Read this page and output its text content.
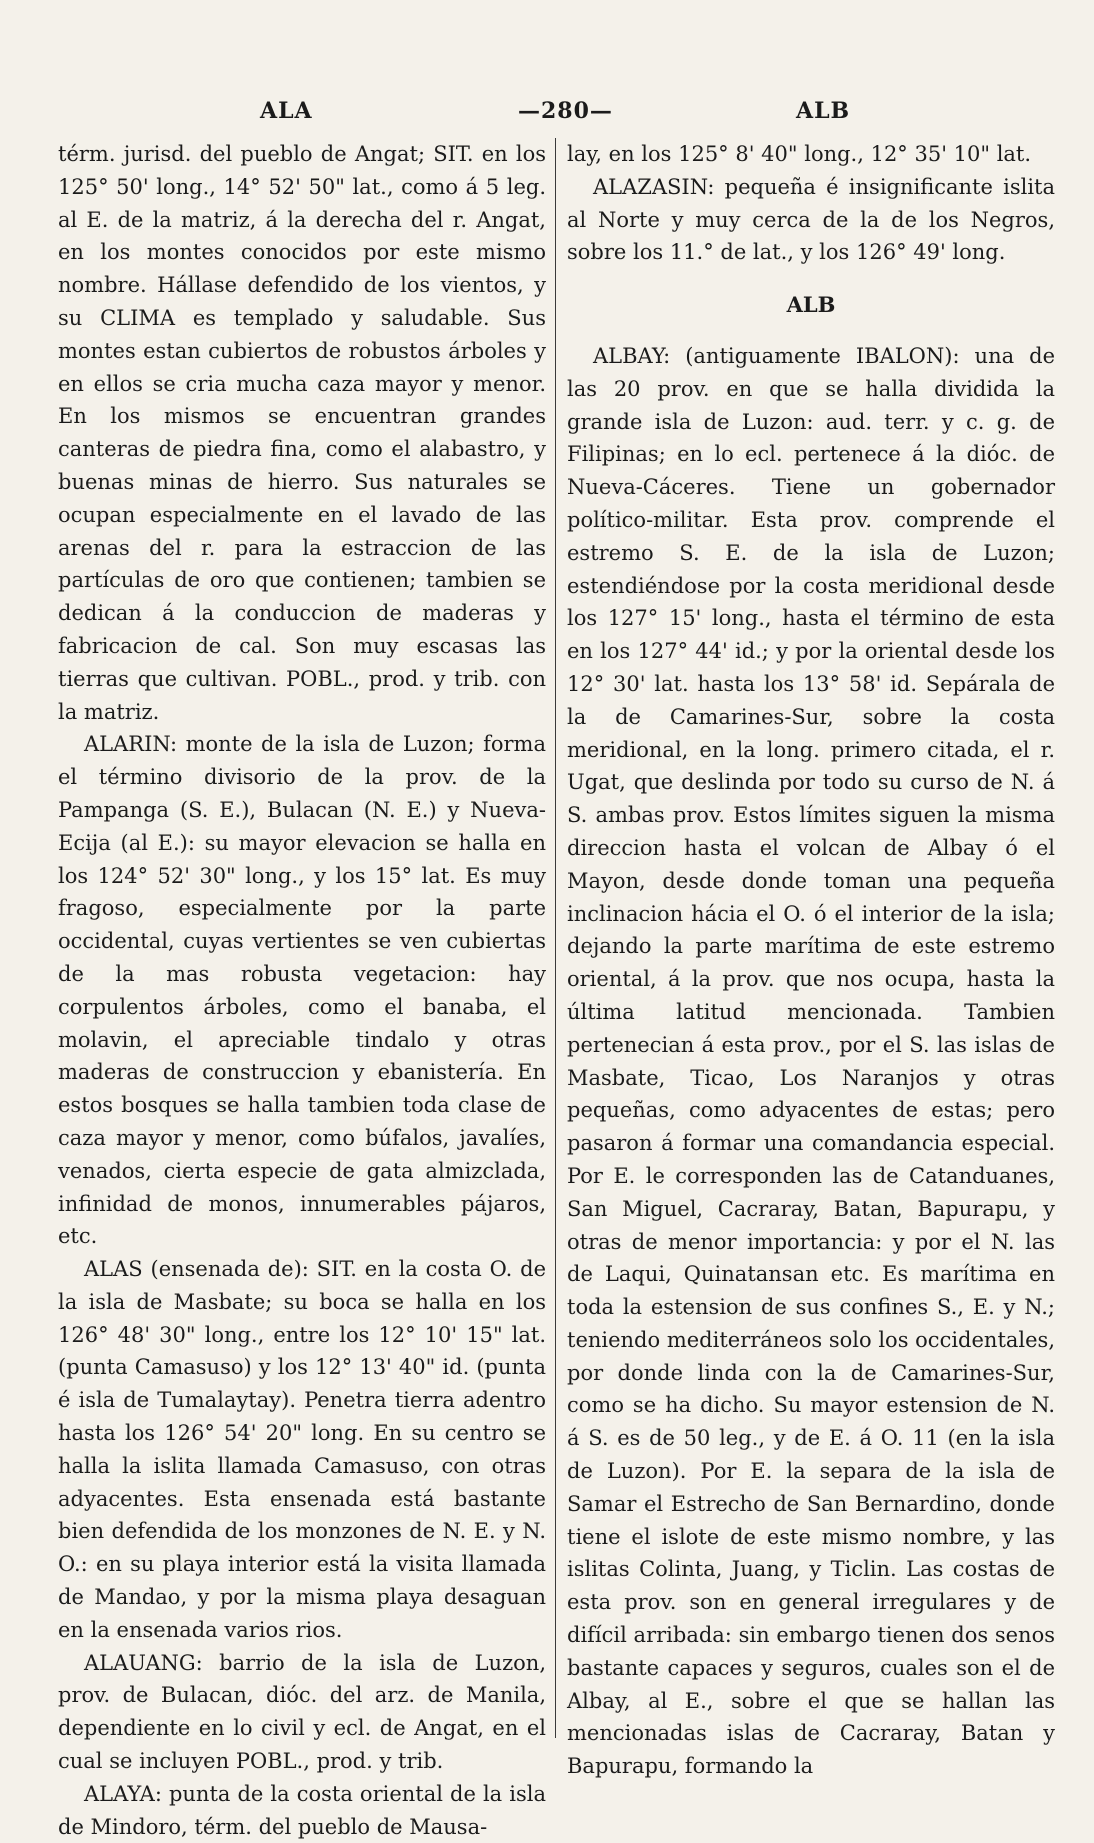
ALA	—280—	ALB

térm. jurisd. del pueblo de Angat; SIT. en los 125° 50' long., 14° 52' 50" lat., como á 5 leg. al E. de la matriz, á la derecha del r. Angat, en los montes conocidos por este mismo nombre. Hállase defendido de los vientos, y su CLIMA es templado y saludable. Sus montes estan cubiertos de robustos árboles y en ellos se cria mucha caza mayor y menor. En los mismos se encuentran grandes canteras de piedra fina, como el alabastro, y buenas minas de hierro. Sus naturales se ocupan especialmente en el lavado de las arenas del r. para la estraccion de las partículas de oro que contienen; tambien se dedican á la conduccion de maderas y fabricacion de cal. Son muy escasas las tierras que cultivan. POBL., prod. y trib. con la matriz.

ALARIN: monte de la isla de Luzon; forma el término divisorio de la prov. de la Pampanga (S. E.), Bulacan (N. E.) y Nueva-Ecija (al E.): su mayor elevacion se halla en los 124° 52' 30" long., y los 15° lat. Es muy fragoso, especialmente por la parte occidental, cuyas vertientes se ven cubiertas de la mas robusta vegetacion: hay corpulentos árboles, como el banaba, el molavin, el apreciable tindalo y otras maderas de construccion y ebanistería. En estos bosques se halla tambien toda clase de caza mayor y menor, como búfalos, javalíes, venados, cierta especie de gata almizclada, infinidad de monos, innumerables pájaros, etc.

ALAS (ensenada de): SIT. en la costa O. de la isla de Masbate; su boca se halla en los 126° 48' 30" long., entre los 12° 10' 15" lat. (punta Camasuso) y los 12° 13' 40" id. (punta é isla de Tumalaytay). Penetra tierra adentro hasta los 126° 54' 20" long. En su centro se halla la islita llamada Camasuso, con otras adyacentes. Esta ensenada está bastante bien defendida de los monzones de N. E. y N. O.: en su playa interior está la visita llamada de Mandao, y por la misma playa desaguan en la ensenada varios rios.

ALAUANG: barrio de la isla de Luzon, prov. de Bulacan, dióc. del arz. de Manila, dependiente en lo civil y ecl. de Angat, en el cual se incluyen POBL., prod. y trib.

ALAYA: punta de la costa oriental de la isla de Mindoro, térm. del pueblo de Mausa-

lay, en los 125° 8' 40" long., 12° 35' 10" lat.

ALAZASIN: pequeña é insignificante islita al Norte y muy cerca de la de los Negros, sobre los 11.° de lat., y los 126° 49' long.

ALB

ALBAY: (antiguamente IBALON): una de las 20 prov. en que se halla dividida la grande isla de Luzon: aud. terr. y c. g. de Filipinas; en lo ecl. pertenece á la dióc. de Nueva-Cáceres. Tiene un gobernador político-militar. Esta prov. comprende el estremo S. E. de la isla de Luzon; estendiéndose por la costa meridional desde los 127° 15' long., hasta el término de esta en los 127° 44' id.; y por la oriental desde los 12° 30' lat. hasta los 13° 58' id. Sepárala de la de Camarines-Sur, sobre la costa meridional, en la long. primero citada, el r. Ugat, que deslinda por todo su curso de N. á S. ambas prov. Estos límites siguen la misma direccion hasta el volcan de Albay ó el Mayon, desde donde toman una pequeña inclinacion hácia el O. ó el interior de la isla; dejando la parte marítima de este estremo oriental, á la prov. que nos ocupa, hasta la última latitud mencionada. Tambien pertenecian á esta prov., por el S. las islas de Masbate, Ticao, Los Naranjos y otras pequeñas, como adyacentes de estas; pero pasaron á formar una comandancia especial. Por E. le corresponden las de Catanduanes, San Miguel, Cacraray, Batan, Bapurapu, y otras de menor importancia: y por el N. las de Laqui, Quinatansan etc. Es marítima en toda la estension de sus confines S., E. y N.; teniendo mediterráneos solo los occidentales, por donde linda con la de Camarines-Sur, como se ha dicho. Su mayor estension de N. á S. es de 50 leg., y de E. á O. 11 (en la isla de Luzon). Por E. la separa de la isla de Samar el Estrecho de San Bernardino, donde tiene el islote de este mismo nombre, y las islitas Colinta, Juang, y Ticlin. Las costas de esta prov. son en general irregulares y de difícil arribada: sin embargo tienen dos senos bastante capaces y seguros, cuales son el de Albay, al E., sobre el que se hallan las mencionadas islas de Cacraray, Batan y Bapurapu, formando la
